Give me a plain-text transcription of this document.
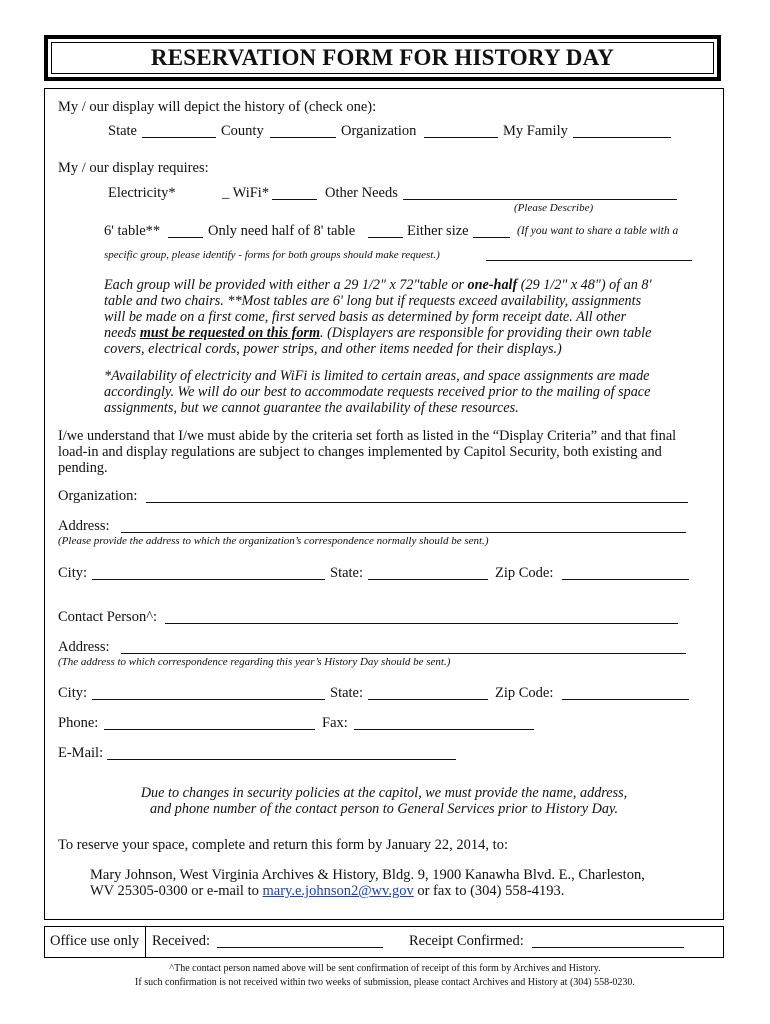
RESERVATION FORM FOR HISTORY DAY
My / our display will depict the history of (check one):
State	County	Organization	My Family
My / our display requires:
Electricity*	_ WiFi*	Other Needs
(Please Describe)
6' table**	Only need half of 8' table	Either size	(If you want to share a table with a
specific group, please identify - forms for both groups should make request.)
Each group will be provided with either a 29 1/2" x 72"table or one-half (29 1/2" x 48") of an 8'
table and two chairs. **Most tables are 6' long but if requests exceed availability, assignments
will be made on a first come, first served basis as determined by form receipt date. All other
needs must be requested on this form. (Displayers are responsible for providing their own table
covers, electrical cords, power strips, and other items needed for their displays.)
*Availability of electricity and WiFi is limited to certain areas, and space assignments are made
accordingly. We will do our best to accommodate requests received prior to the mailing of space
assignments, but we cannot guarantee the availability of these resources.
I/we understand that I/we must abide by the criteria set forth as listed in the “Display Criteria” and that final
load-in and display regulations are subject to changes implemented by Capitol Security, both existing and
pending.
Organization:
Address:
(Please provide the address to which the organization’s correspondence normally should be sent.)
City:	State:	Zip Code:
Contact Person^:
Address:
(The address to which correspondence regarding this year’s History Day should be sent.)
City:	State:	Zip Code:
Phone:	Fax:
E-Mail:
Due to changes in security policies at the capitol, we must provide the name, address,
and phone number of the contact person to General Services prior to History Day.
To reserve your space, complete and return this form by January 22, 2014, to:
Mary Johnson, West Virginia Archives & History, Bldg. 9, 1900 Kanawha Blvd. E., Charleston,
WV 25305-0300 or e-mail to mary.e.johnson2@wv.gov or fax to (304) 558-4193.
Office use only Received:	Receipt Confirmed:
^The contact person named above will be sent confirmation of receipt of this form by Archives and History.
If such confirmation is not received within two weeks of submission, please contact Archives and History at (304) 558-0230.
